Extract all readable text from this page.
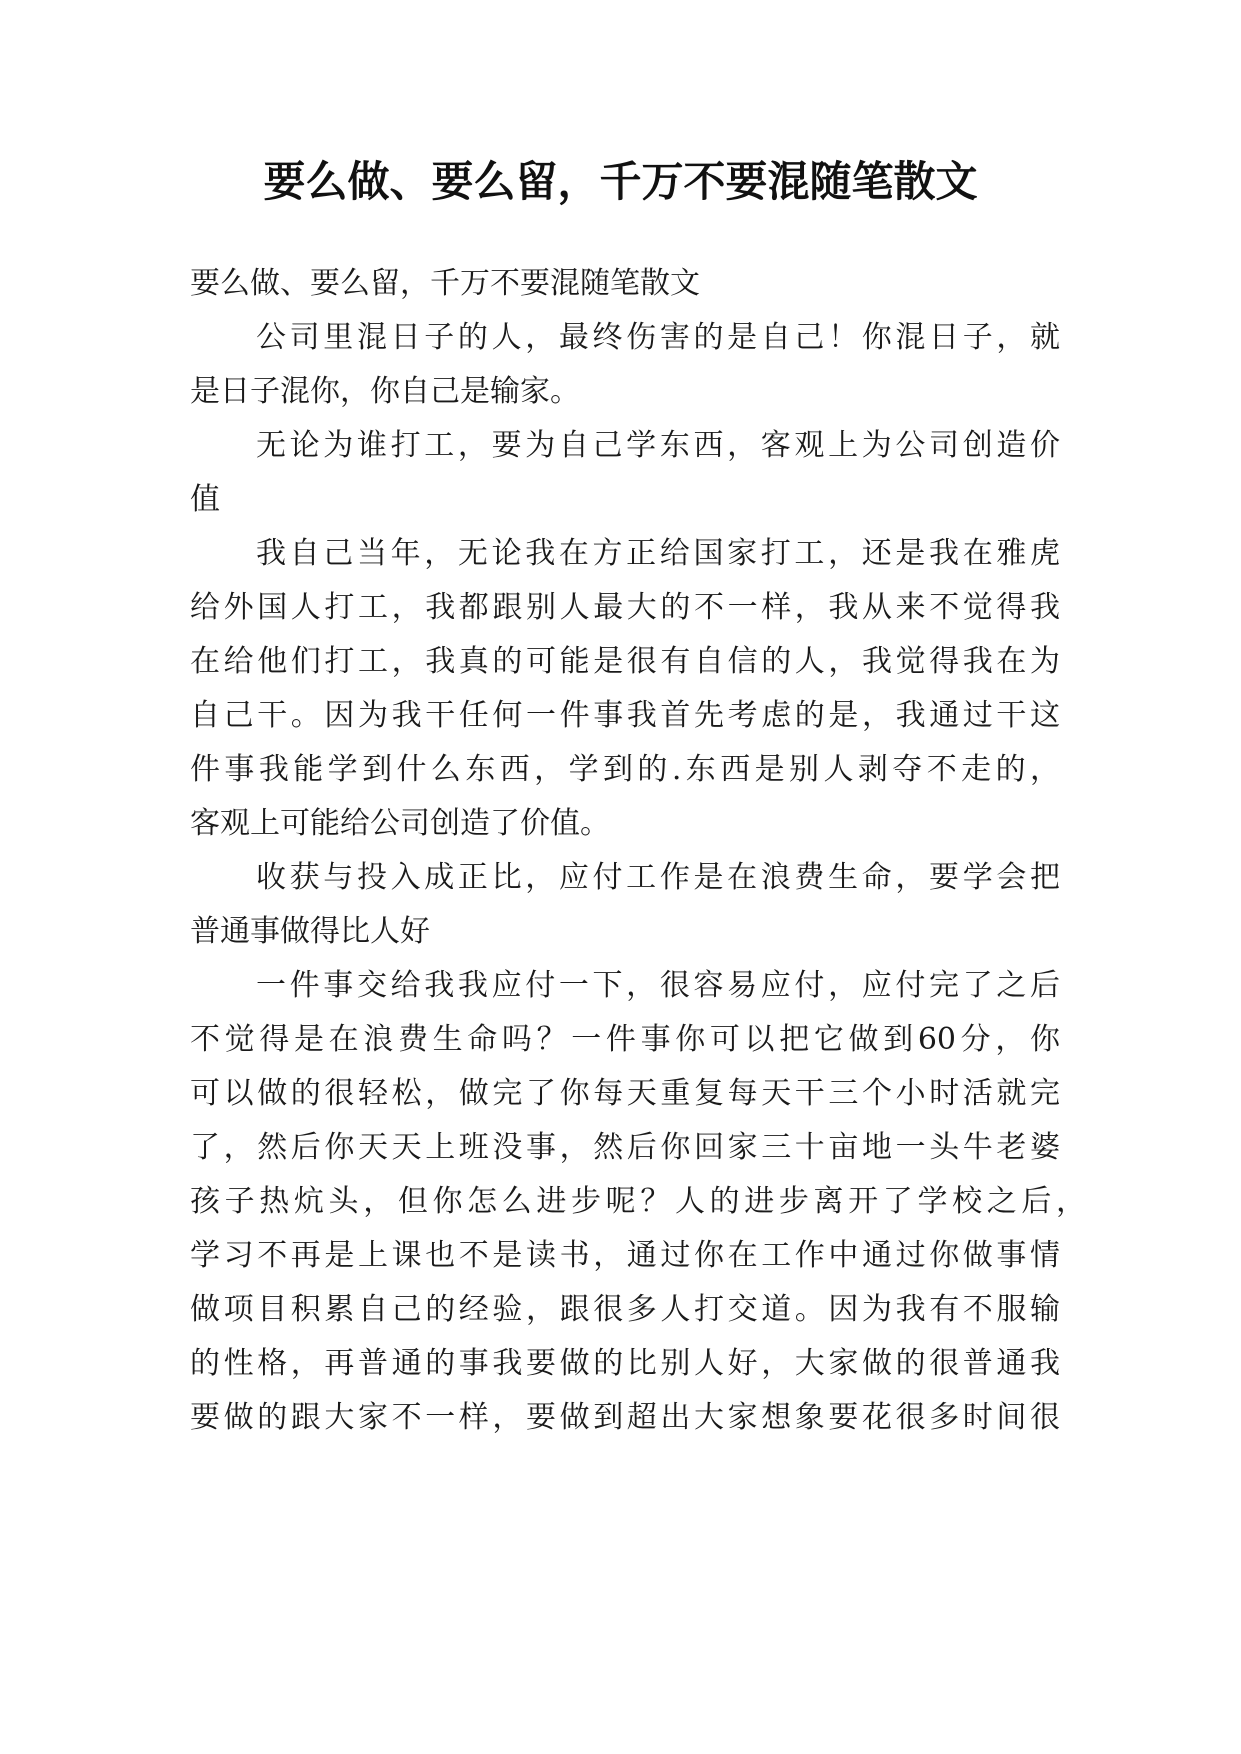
要么做、要么留，千万不要混随笔散文
要么做、要么留，千万不要混随笔散文
公司里混日子的人，最终伤害的是自己！你混日子，就
是日子混你，你自己是输家。
无论为谁打工，要为自己学东西，客观上为公司创造价
值
我自己当年，无论我在方正给国家打工，还是我在雅虎
给外国人打工，我都跟别人最大的不一样，我从来不觉得我
在给他们打工，我真的可能是很有自信的人，我觉得我在为
自己干。因为我干任何一件事我首先考虑的是，我通过干这
件事我能学到什么东西，学到的.东西是别人剥夺不走的，
客观上可能给公司创造了价值。
收获与投入成正比，应付工作是在浪费生命，要学会把
普通事做得比人好
一件事交给我我应付一下，很容易应付，应付完了之后
不觉得是在浪费生命吗？一件事你可以把它做到60分，你
可以做的很轻松，做完了你每天重复每天干三个小时活就完
了，然后你天天上班没事，然后你回家三十亩地一头牛老婆
孩子热炕头，但你怎么进步呢？人的进步离开了学校之后，
学习不再是上课也不是读书，通过你在工作中通过你做事情
做项目积累自己的经验，跟很多人打交道。因为我有不服输
的性格，再普通的事我要做的比别人好，大家做的很普通我
要做的跟大家不一样，要做到超出大家想象要花很多时间很
